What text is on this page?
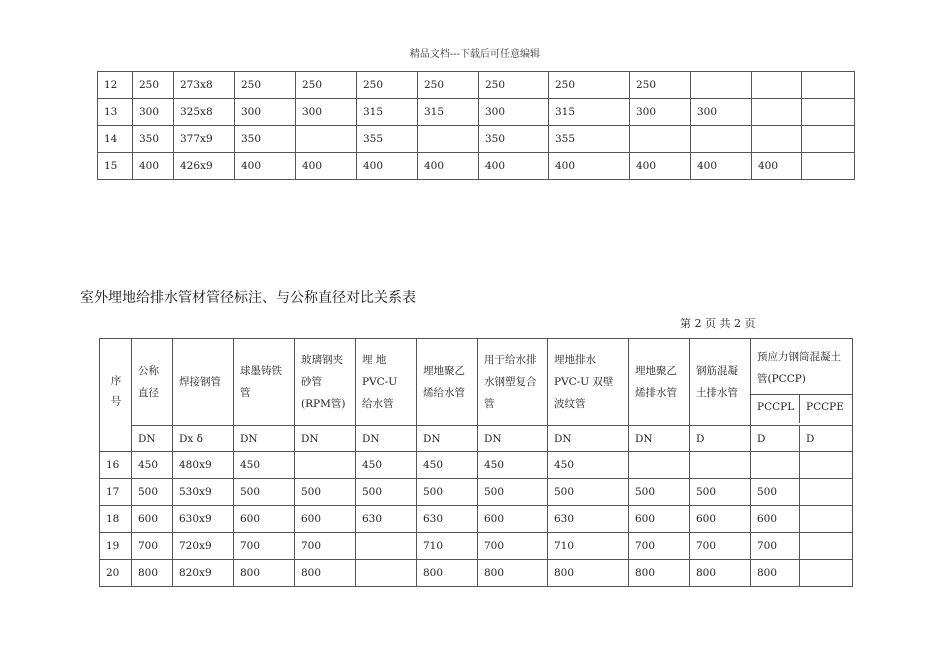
精品文档---下载后可任意编辑
12	250	273x8	250	250	250	250	250	250	250			
13	300	325x8	300	300	315	315	300	315	300	300		
14	350	377x9	350		355		350	355				
15	400	426x9	400	400	400	400	400	400	400	400	400	
室外埋地给排水管材管径标注、与公称直径对比关系表
第 2 页 共 2 页
序号	公称直径	焊接钢管	球墨铸铁管	玻璃钢夹砂管(RPM管)	埋 地 PVC-U 给水管	埋地聚乙烯给水管	用于给水排水钢塑复合管	埋地排水PVC-U 双壁波纹管	埋地聚乙烯排水管	钢筋混凝土排水管	预应力钢筒混凝土管(PCCP)
PCCPL PCCPE	

	DN	Dx δ	DN	DN	DN	DN	DN	DN	DN	D	D	D
16	450	480x9	450		450	450	450	450				
17	500	530x9	500	500	500	500	500	500	500	500	500	
18	600	630x9	600	600	630	630	600	630	600	600	600	
19	700	720x9	700	700		710	700	710	700	700	700	
20	800	820x9	800	800		800	800	800	800	800	800	
